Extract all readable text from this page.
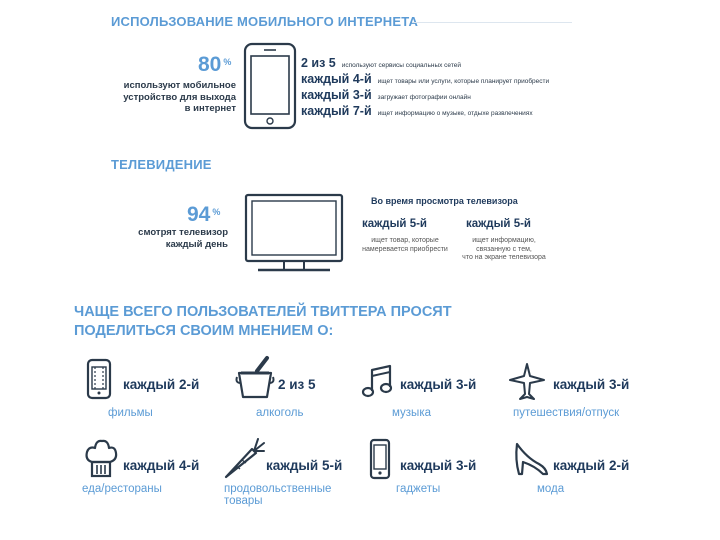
ИСПОЛЬЗОВАНИЕ МОБИЛЬНОГО ИНТЕРНЕТА
80 %
используют мобильное
устройство для выхода
в интернет
2 из 5 используют сервисы социальных сетей
каждый 4-й ищет товары или услуги, которые планирует приобрести
каждый 3-й загружает фотографии онлайн
каждый 7-й ищет информацию о музыке, отдыхе развлечениях
ТЕЛЕВИДЕНИЕ
94 %
смотрят телевизор
каждый день
Во время просмотра телевизора
каждый 5-й
ищет товар, которые
намеревается приобрести
каждый 5-й
ищет информацию,
связанную с тем,
что на экране телевизора
ЧАЩЕ ВСЕГО ПОЛЬЗОВАТЕЛЕЙ ТВИТТЕРА ПРОСЯТ
ПОДЕЛИТЬСЯ СВОИМ МНЕНИЕМ О:
каждый 2-й
фильмы
2 из 5
алкоголь
каждый 3-й
музыка
каждый 3-й
путешествия/отпуск
каждый 4-й
еда/рестораны
каждый 5-й
продовольственные
товары
каждый 3-й
гаджеты
каждый 2-й
мода
